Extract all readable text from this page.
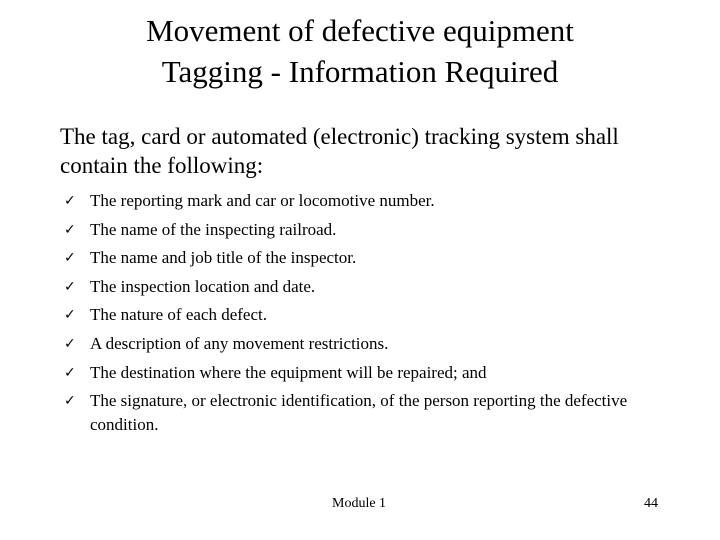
Movement of defective equipment
Tagging - Information Required
The tag, card or automated (electronic) tracking system shall contain the following:
✓ The reporting mark and car or locomotive number.
✓ The name of the inspecting railroad.
✓ The name and job title of the inspector.
✓ The inspection location and date.
✓ The nature of each defect.
✓ A description of any movement restrictions.
✓ The destination where the equipment will be repaired; and
✓ The signature, or electronic identification, of the person reporting the defective condition.
Module 1	44
